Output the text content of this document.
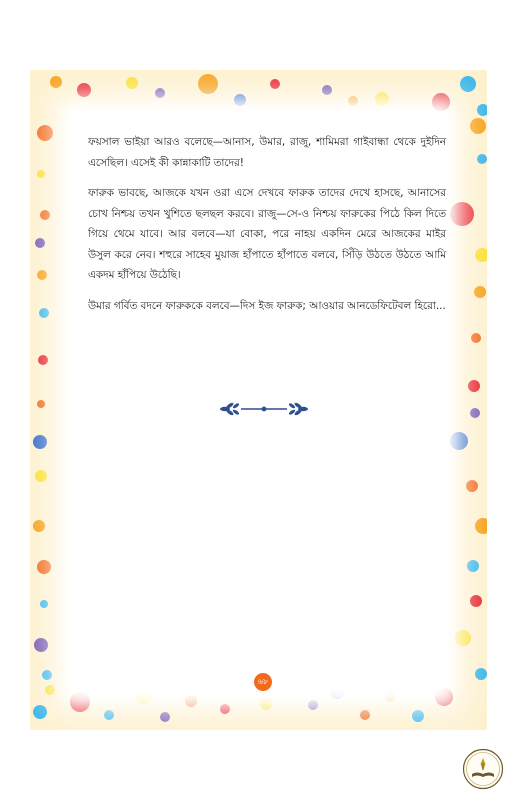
ফয়সাল ভাইয়া আরও বলেছে—আনাস, উমার, রাজু, শামিমরা গাইবান্ধা থেকে দুইদিন এসেছিল। এসেই কী কান্নাকাটি তাদের!

ফারুক ভাবছে, আজকে যখন ওরা এসে দেখবে ফারুক তাদের দেখে হাসছে, আনাসের চোখ নিশ্চয় তখন খুশিতে ছলছল করবে। রাজু—সে-ও নিশ্চয় ফারুকের পিঠে কিল দিতে গিয়ে থেমে যাবে। আর বলবে—যা বোকা, পরে নাহয় একদিন মেরে আজকের মাইর উসুল করে নেব। শহুরে সাহেব মুয়াজ হাঁপাতে হাঁপাতে বলবে, সিঁড়ি উঠতে উঠতে আমি একদম হাঁপিয়ে উঠেছি।

উমার গর্বিত বদনে ফারুককে বলবে—দিস ইজ ফারুক; আওয়ার আনডেফিটেবল হিরো...

৬৮
